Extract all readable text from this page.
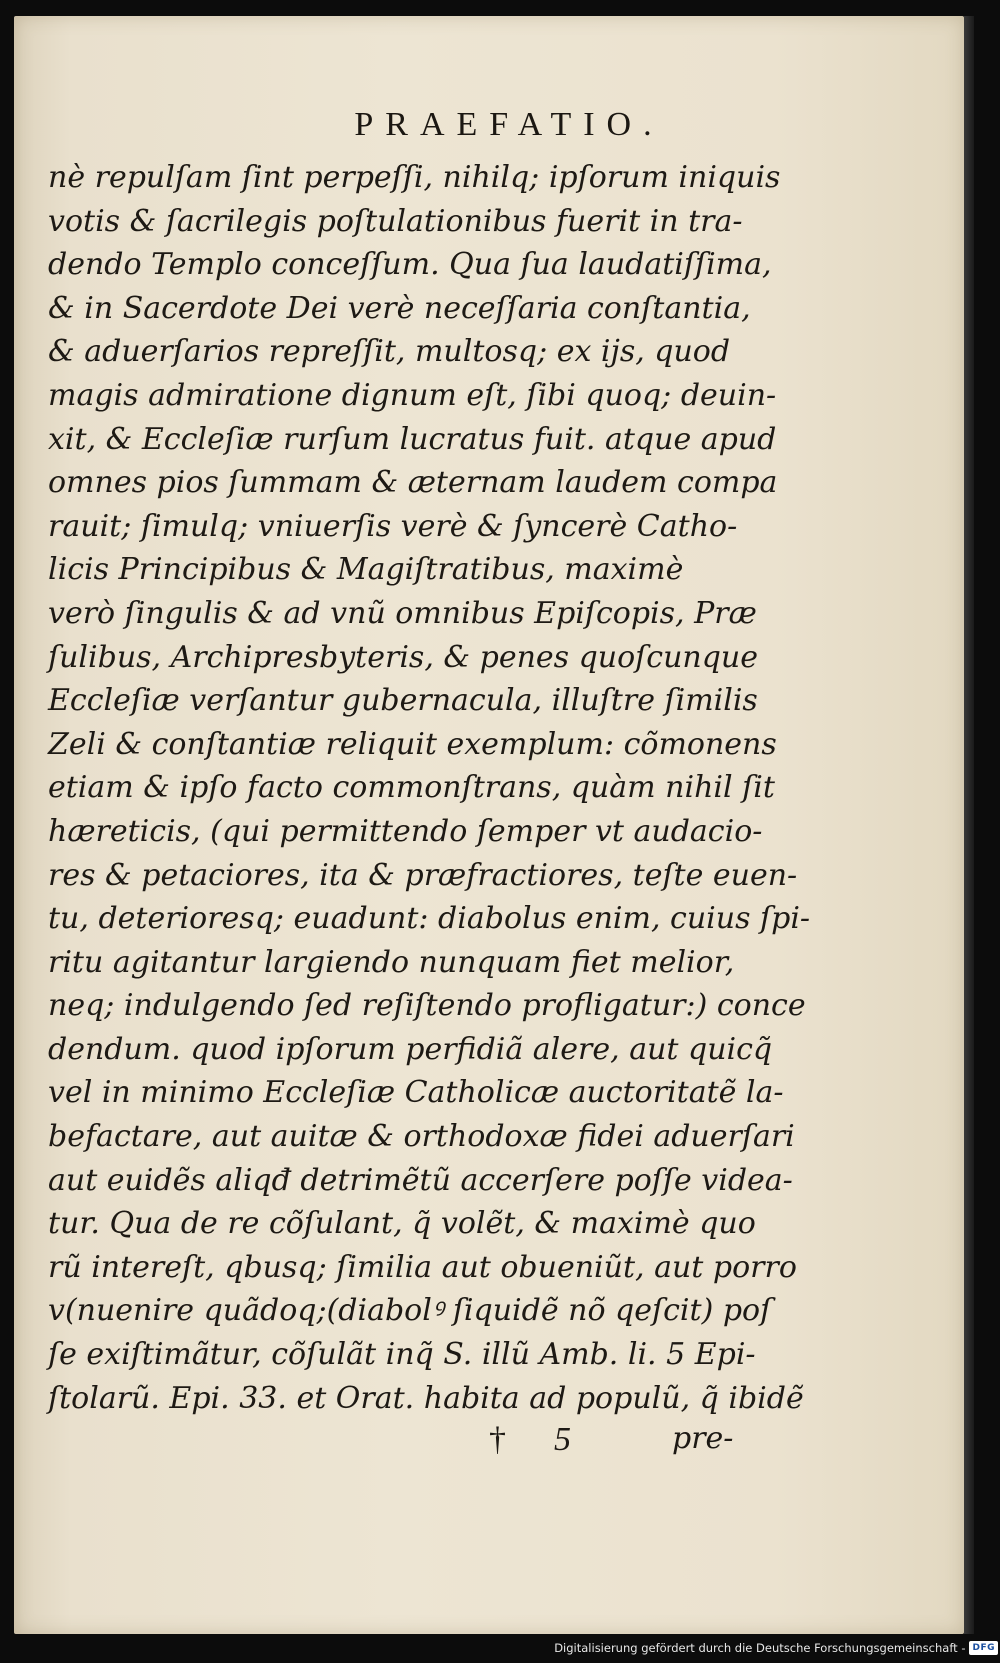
PRAEFATIO.
nè repulſam ſint perpeſſi, nihilq; ipſorum iniquis
votis & ſacrilegis poſtulationibus fuerit in tra-
dendo Templo conceſſum. Qua ſua laudatiſſima,
& in Sacerdote Dei verè neceſſaria conſtantia,
& aduerſarios repreſſit, multosq; ex ijs, quod
magis admiratione dignum eſt, ſibi quoq; deuin-
xit, & Eccleſiæ rurſum lucratus fuit. atque apud
omnes pios ſummam & æternam laudem compa
rauit; ſimulq; vniuerſis verè & ſyncerè Catho-
licis Principibus & Magiſtratibus, maximè
verò ſingulis & ad vnũ omnibus Epiſcopis, Præ
ſulibus, Archipresbyteris, & penes quoſcunque
Eccleſiæ verſantur gubernacula, illuſtre ſimilis
Zeli & conſtantiæ reliquit exemplum: cõmonens
etiam & ipſo facto commonſtrans, quàm nihil ſit
hæreticis, (qui permittendo ſemper vt audacio-
res & petaciores, ita & præfractiores, teſte euen-
tu, deterioresq; euadunt: diabolus enim, cuius ſpi-
ritu agitantur largiendo nunquam fiet melior,
neq; indulgendo ſed reſiſtendo profligatur:) conce
dendum. quod ipſorum perfidiã alere, aut quicq̃
vel in minimo Eccleſiæ Catholicæ auctoritatẽ la-
befactare, aut auitæ & orthodoxæ fidei aduerſari
aut euidẽs aliqđ detrimẽtũ accerſere poſſe videa-
tur. Qua de re cõſulant, q̃ volẽt, & maximè quo
rũ intereſt, qbusq; ſimilia aut obueniũt, aut porro
v(nuenire quãdoq;(diabolꝰ ſiquidẽ nõ qeſcit) poſ
ſe exiſtimãtur, cõſulãt inq̃ S. illũ Amb. li. 5 Epi-
ſtolarũ. Epi. 33. et Orat. habita ad populũ, q̃ ibidẽ
† 5	pre-
Digitalisierung gefördert durch die Deutsche Forschungsgemeinschaft - DFG
